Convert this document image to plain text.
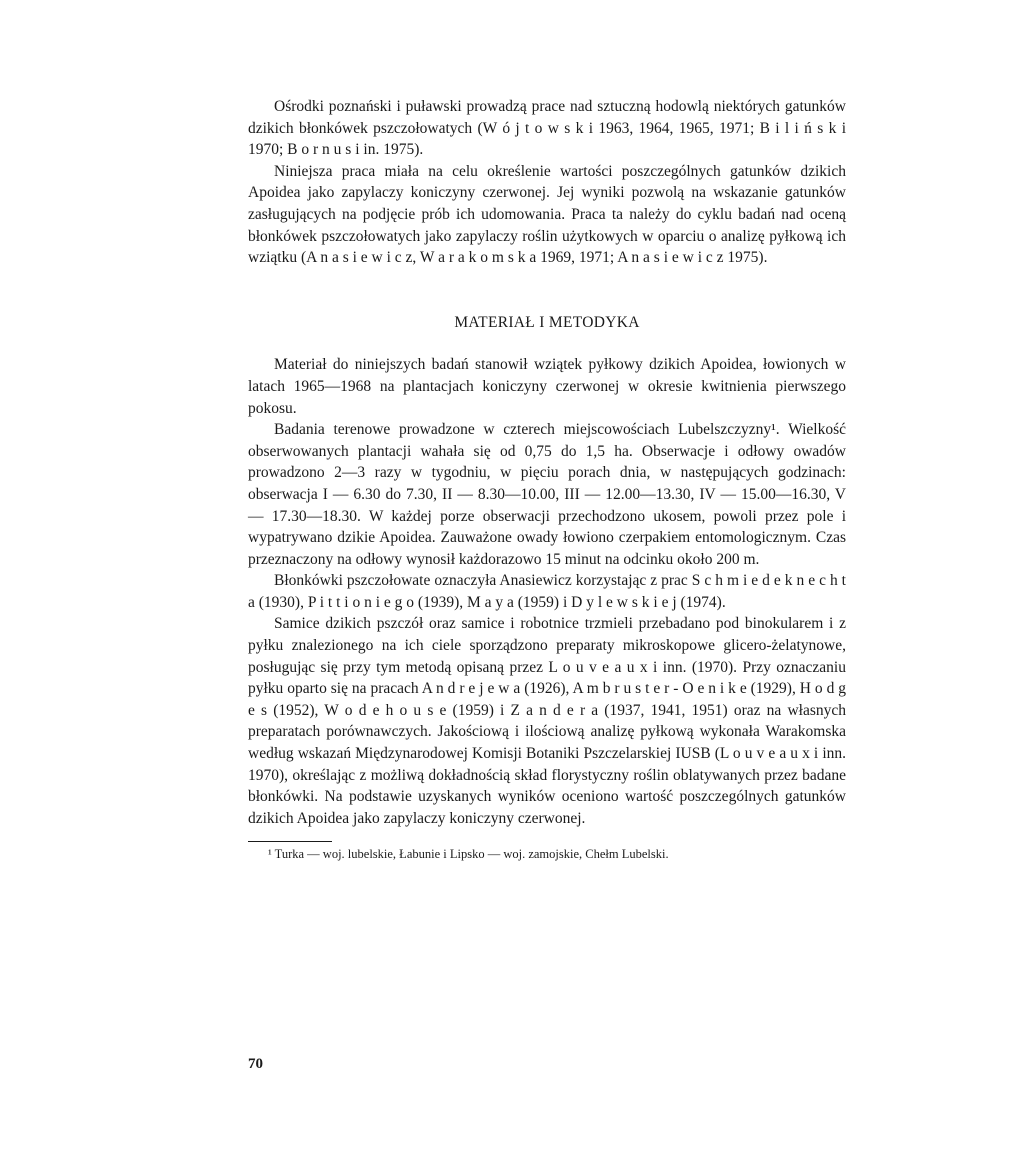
Ośrodki poznański i puławski prowadzą prace nad sztuczną hodowlą niektórych gatunków dzikich błonkówek pszczołowatych (W ó j t o w s k i 1963, 1964, 1965, 1971; B i l i ń s k i 1970; B o r n u s i in. 1975).

Niniejsza praca miała na celu określenie wartości poszczególnych gatunków dzikich Apoidea jako zapylaczy koniczyny czerwonej. Jej wyniki pozwolą na wskazanie gatunków zasługujących na podjęcie prób ich udomowania. Praca ta należy do cyklu badań nad oceną błonkówek pszczołowatych jako zapylaczy roślin użytkowych w oparciu o analizę pyłkową ich wziątku (A n a s i e w i c z, W a r a k o m s k a 1969, 1971; A n a s i e w i c z 1975).

MATERIAŁ I METODYKA

Materiał do niniejszych badań stanowił wziątek pyłkowy dzikich Apoidea, łowionych w latach 1965—1968 na plantacjach koniczyny czerwonej w okresie kwitnienia pierwszego pokosu.

Badania terenowe prowadzone w czterech miejscowościach Lubelszczyzny¹. Wielkość obserwowanych plantacji wahała się od 0,75 do 1,5 ha. Obserwacje i odłowy owadów prowadzono 2—3 razy w tygodniu, w pięciu porach dnia, w następujących godzinach: obserwacja I — 6.30 do 7.30, II — 8.30—10.00, III — 12.00—13.30, IV — 15.00—16.30, V — 17.30—18.30. W każdej porze obserwacji przechodzono ukosem, powoli przez pole i wypatrywano dzikie Apoidea. Zauważone owady łowiono czerpakiem entomologicznym. Czas przeznaczony na odłowy wynosił każdorazowo 15 minut na odcinku około 200 m.

Błonkówki pszczołowate oznaczyła Anasiewicz korzystając z prac S c h m i e d e k n e c h t a (1930), P i t t i o n i e g o (1939), M a y a (1959) i D y l e w s k i e j (1974).

Samice dzikich pszczół oraz samice i robotnice trzmieli przebadano pod binokularem i z pyłku znalezionego na ich ciele sporządzono preparaty mikroskopowe glicero-żelatynowe, posługując się przy tym metodą opisaną przez L o u v e a u x i inn. (1970). Przy oznaczaniu pyłku oparto się na pracach A n d r e j e w a (1926), A m b r u s t e r - O e n i k e (1929), H o d g e s (1952), W o d e h o u s e (1959) i Z a n d e r a (1937, 1941, 1951) oraz na własnych preparatach porównawczych. Jakościową i ilościową analizę pyłkową wykonała Warakomska według wskazań Międzynarodowej Komisji Botaniki Pszczelarskiej IUSB (L o u v e a u x i inn. 1970), określając z możliwą dokładnością skład florystyczny roślin oblatywanych przez badane błonkówki. Na podstawie uzyskanych wyników oceniono wartość poszczególnych gatunków dzikich Apoidea jako zapylaczy koniczyny czerwonej.

¹ Turka — woj. lubelskie, Łabunie i Lipsko — woj. zamojskie, Chełm Lubelski.

70
